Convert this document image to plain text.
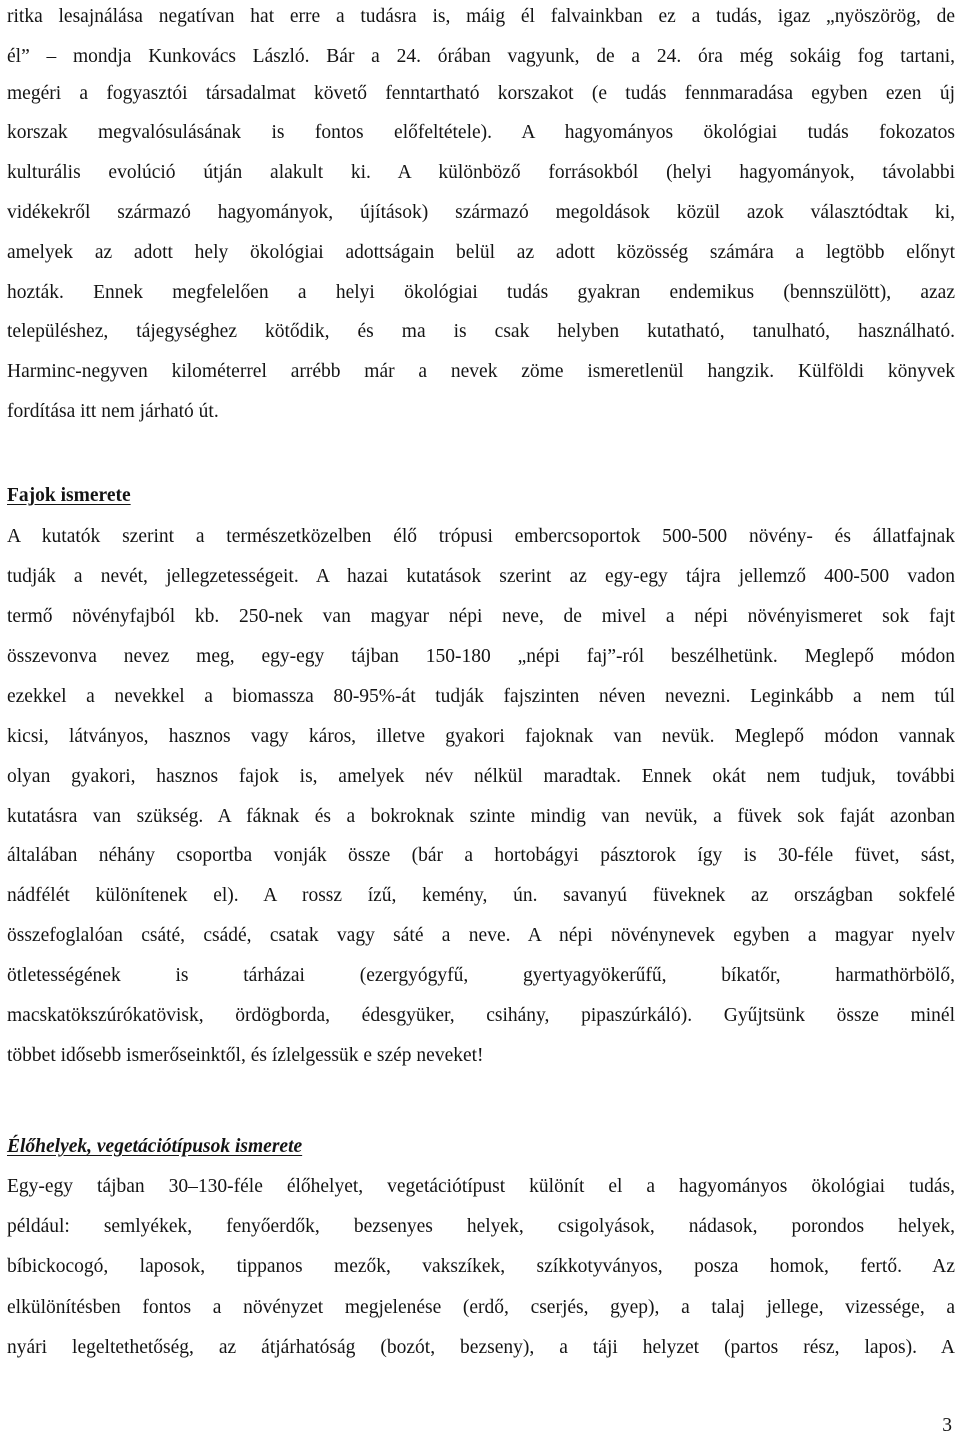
ritka lesajnálása negatívan hat erre a tudásra is, máig él falvainkban ez a tudás, igaz „nyöszörög, de
él” – mondja Kunkovács László. Bár a 24. órában vagyunk, de a 24. óra még sokáig fog tartani,
megéri a fogyasztói társadalmat követő fenntartható korszakot (e tudás fennmaradása egyben ezen új
korszak megvalósulásának is fontos előfeltétele). A hagyományos ökológiai tudás fokozatos
kulturális evolúció útján alakult ki. A különböző forrásokból (helyi hagyományok, távolabbi
vidékekről származó hagyományok, újítások) származó megoldások közül azok választódtak ki,
amelyek az adott hely ökológiai adottságain belül az adott közösség számára a legtöbb előnyt
hozták. Ennek megfelelően a helyi ökológiai tudás gyakran endemikus (bennszülött), azaz
településhez, tájegységhez kötődik, és ma is csak helyben kutatható, tanulható, használható.
Harminc-negyven kilométerrel arrébb már a nevek zöme ismeretlenül hangzik. Külföldi könyvek
fordítása itt nem járható út.
Fajok ismerete
A kutatók szerint a természetközelben élő trópusi embercsoportok 500-500 növény- és állatfajnak
tudják a nevét, jellegzetességeit. A hazai kutatások szerint az egy-egy tájra jellemző 400-500 vadon
termő növényfajból kb. 250-nek van magyar népi neve, de mivel a népi növényismeret sok fajt
összevonva nevez meg, egy-egy tájban 150-180 „népi faj”-ról beszélhetünk. Meglepő módon
ezekkel a nevekkel a biomassza 80-95%-át tudják fajszinten néven nevezni. Leginkább a nem túl
kicsi, látványos, hasznos vagy káros, illetve gyakori fajoknak van nevük. Meglepő módon vannak
olyan gyakori, hasznos fajok is, amelyek név nélkül maradtak. Ennek okát nem tudjuk, további
kutatásra van szükség. A fáknak és a bokroknak szinte mindig van nevük, a füvek sok faját azonban
általában néhány csoportba vonják össze (bár a hortobágyi pásztorok így is 30-féle füvet, sást,
nádfélét különítenek el). A rossz ízű, kemény, ún. savanyú füveknek az országban sokfelé
összefoglalóan csáté, csádé, csatak vagy sáté a neve. A népi növénynevek egyben a magyar nyelv
ötletességének is tárházai (ezergyógyfű, gyertyagyökerűfű, bíkatőr, harmathörbölő,
macskatökszúrókatövisk, ördögborda, édesgyüker, csihány, pipaszúrkáló). Gyűjtsünk össze minél
többet idősebb ismerőseinktől, és ízlelgessük e szép neveket!
Élőhelyek, vegetációtípusok ismerete
Egy-egy tájban 30–130-féle élőhelyet, vegetációtípust különít el a hagyományos ökológiai tudás,
például: semlyékek, fenyőerdők, bezsenyes helyek, csigolyások, nádasok, porondos helyek,
bíbickocogó, laposok, tippanos mezők, vakszíkek, szíkkotyványos, posza homok, fertő. Az
elkülönítésben fontos a növényzet megjelenése (erdő, cserjés, gyep), a talaj jellege, vizessége, a
nyári legeltethetőség, az átjárhatóság (bozót, bezseny), a táji helyzet (partos rész, lapos). A
3
